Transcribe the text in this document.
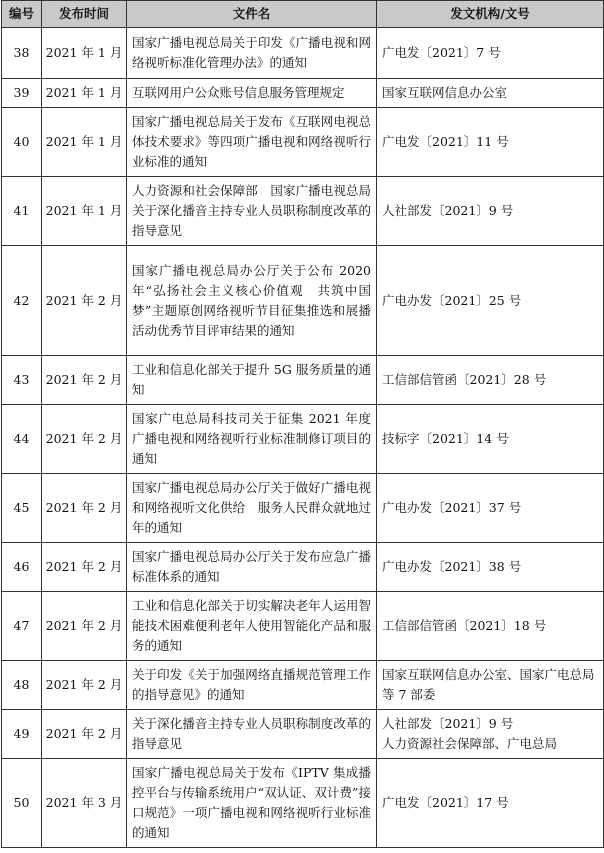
编号	发布时间	文件名	发文机构/文号
38	2021 年 1 月	国家广播电视总局关于印发《广播电视和网络视听标准化管理办法》的通知	广电发〔2021〕7 号
39	2021 年 1 月	互联网用户公众账号信息服务管理规定	国家互联网信息办公室
40	2021 年 1 月	国家广播电视总局关于发布《互联网电视总体技术要求》等四项广播电视和网络视听行业标准的通知	广电发〔2021〕11 号
41	2021 年 1 月	人力资源和社会保障部　国家广播电视总局关于深化播音主持专业人员职称制度改革的指导意见	人社部发〔2021〕9 号
42	2021 年 2 月	国家广播电视总局办公厅关于公布 2020 年“弘扬社会主义核心价值观　共筑中国梦”主题原创网络视听节目征集推选和展播活动优秀节目评审结果的通知	广电办发〔2021〕25 号
43	2021 年 2 月	工业和信息化部关于提升 5G 服务质量的通知	工信部信管函〔2021〕28 号
44	2021 年 2 月	国家广电总局科技司关于征集 2021 年度广播电视和网络视听行业标准制修订项目的通知	技标字〔2021〕14 号
45	2021 年 2 月	国家广播电视总局办公厅关于做好广播电视和网络视听文化供给　服务人民群众就地过年的通知	广电办发〔2021〕37 号
46	2021 年 2 月	国家广播电视总局办公厅关于发布应急广播标准体系的通知	广电办发〔2021〕38 号
47	2021 年 2 月	工业和信息化部关于切实解决老年人运用智能技术困难便利老年人使用智能化产品和服务的通知	工信部信管函〔2021〕18 号
48	2021 年 2 月	关于印发《关于加强网络直播规范管理工作的指导意见》的通知	国家互联网信息办公室、国家广电总局等 7 部委
49	2021 年 2 月	关于深化播音主持专业人员职称制度改革的指导意见	人社部发〔2021〕9 号
人力资源社会保障部、广电总局
50	2021 年 3 月	国家广播电视总局关于发布《IPTV 集成播控平台与传输系统用户“双认证、双计费”接口规范》一项广播电视和网络视听行业标准的通知	广电发〔2021〕17 号
